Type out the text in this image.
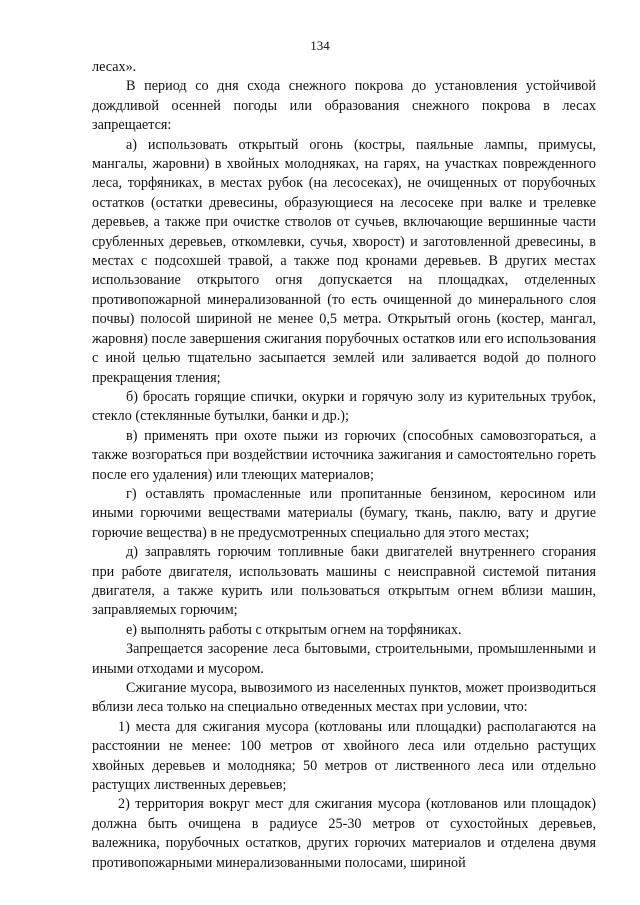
134

лесах».

В период со дня схода снежного покрова до установления устойчивой дождливой осенней погоды или образования снежного покрова в лесах запрещается:

а) использовать открытый огонь (костры, паяльные лампы, примусы, мангалы, жаровни) в хвойных молодняках, на гарях, на участках поврежденного леса, торфяниках, в местах рубок (на лесосеках), не очищенных от порубочных остатков (остатки древесины, образующиеся на лесосеке при валке и трелевке деревьев, а также при очистке стволов от сучьев, включающие вершинные части срубленных деревьев, откомлевки, сучья, хворост) и заготовленной древесины, в местах с подсохшей травой, а также под кронами деревьев. В других местах использование открытого огня допускается на площадках, отделенных противопожарной минерализованной (то есть очищенной до минерального слоя почвы) полосой шириной не менее 0,5 метра. Открытый огонь (костер, мангал, жаровня) после завершения сжигания порубочных остатков или его использования с иной целью тщательно засыпается землей или заливается водой до полного прекращения тления;

б) бросать горящие спички, окурки и горячую золу из курительных трубок, стекло (стеклянные бутылки, банки и др.);

в) применять при охоте пыжи из горючих (способных самовозгораться, а также возгораться при воздействии источника зажигания и самостоятельно гореть после его удаления) или тлеющих материалов;

г) оставлять промасленные или пропитанные бензином, керосином или иными горючими веществами материалы (бумагу, ткань, паклю, вату и другие горючие вещества) в не предусмотренных специально для этого местах;

д) заправлять горючим топливные баки двигателей внутреннего сгорания при работе двигателя, использовать машины с неисправной системой питания двигателя, а также курить или пользоваться открытым огнем вблизи машин, заправляемых горючим;

е) выполнять работы с открытым огнем на торфяниках.

Запрещается засорение леса бытовыми, строительными, промышленными и иными отходами и мусором.

Сжигание мусора, вывозимого из населенных пунктов, может производиться вблизи леса только на специально отведенных местах при условии, что:

1) места для сжигания мусора (котлованы или площадки) располагаются на расстоянии не менее: 100 метров от хвойного леса или отдельно растущих хвойных деревьев и молодняка; 50 метров от лиственного леса или отдельно растущих лиственных деревьев;

2) территория вокруг мест для сжигания мусора (котлованов или площадок) должна быть очищена в радиусе 25-30 метров от сухостойных деревьев, валежника, порубочных остатков, других горючих материалов и отделена двумя противопожарными минерализованными полосами, шириной
